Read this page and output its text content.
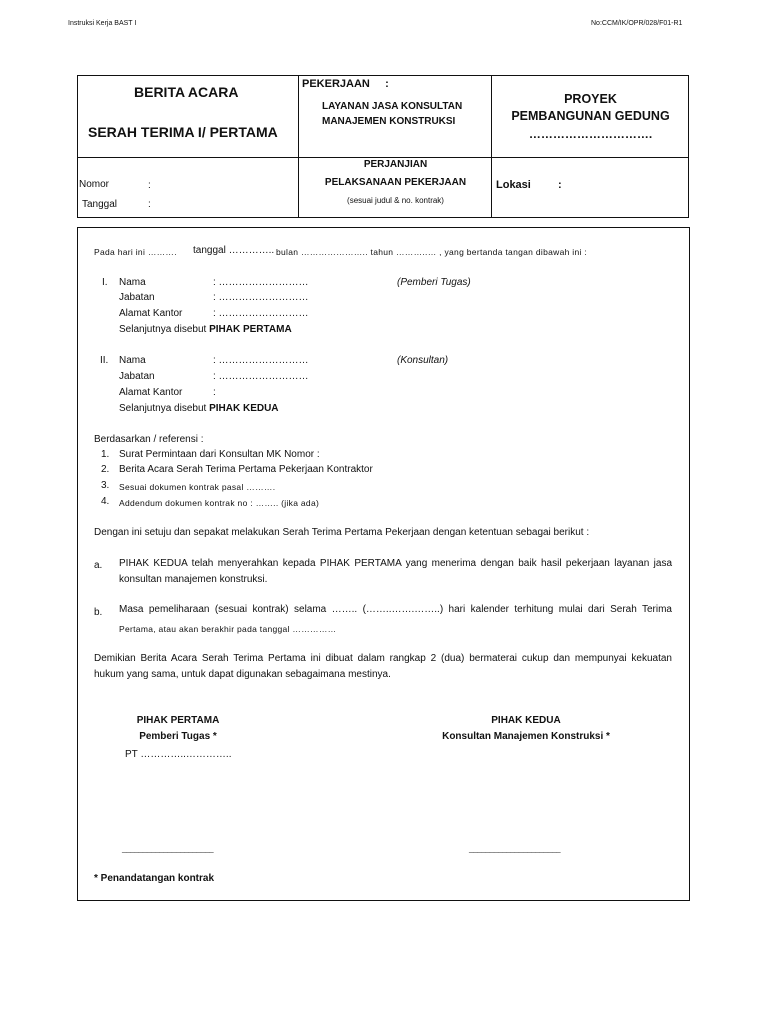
Instruksi Kerja BAST I	No:CCM/IK/OPR/028/F01-R1
BERITA ACARA
SERAH TERIMA I/ PERTAMA
PEKERJAAN     :
LAYANAN JASA KONSULTAN
MANAJEMEN KONSTRUKSI
PROYEK
PEMBANGUNAN GEDUNG
………………………….
Nomor	:
Tanggal	:
PERJANJIAN
PELAKSANAAN PEKERJAAN
(sesuai judul & no. kontrak)
Lokasi :
Pada hari ini ………. tanggal ………….. bulan ………………….. tahun ………..… , yang bertanda tangan dibawah ini :
I. Nama	: ………………………	(Pemberi Tugas)
Jabatan	: ………………………
Alamat Kantor	: ………………………
Selanjutnya disebut PIHAK PERTAMA
II. Nama	: ………………………	(Konsultan)
Jabatan	: ………………………
Alamat Kantor	:
Selanjutnya disebut PIHAK KEDUA
Berdasarkan / referensi :
1. Surat Permintaan dari Konsultan MK Nomor :
2. Berita Acara Serah Terima Pertama Pekerjaan Kontraktor
3. Sesuai dokumen kontrak pasal ……….
4. Addendum dokumen kontrak no : …….. (jika ada)
Dengan ini setuju dan sepakat melakukan Serah Terima Pertama Pekerjaan dengan ketentuan sebagai berikut :
a. PIHAK KEDUA telah menyerahkan kepada PIHAK PERTAMA yang menerima dengan baik hasil pekerjaan layanan jasa
konsultan manajemen konstruksi.
b. Masa pemeliharaan (sesuai kontrak) selama …….. (……..…….……..) hari kalender terhitung mulai dari Serah Terima
Pertama, atau akan berakhir pada tanggal ……………
Demikian Berita Acara Serah Terima Pertama ini dibuat dalam rangkap 2 (dua) bermaterai cukup dan mempunyai kekuatan
hukum yang sama, untuk dapat digunakan sebagaimana mestinya.
PIHAK PERTAMA
Pemberi Tugas *
PT …………..…………..
PIHAK KEDUA
Konsultan Manajemen Konstruksi *
______________________	______________________
* Penandatangan kontrak
